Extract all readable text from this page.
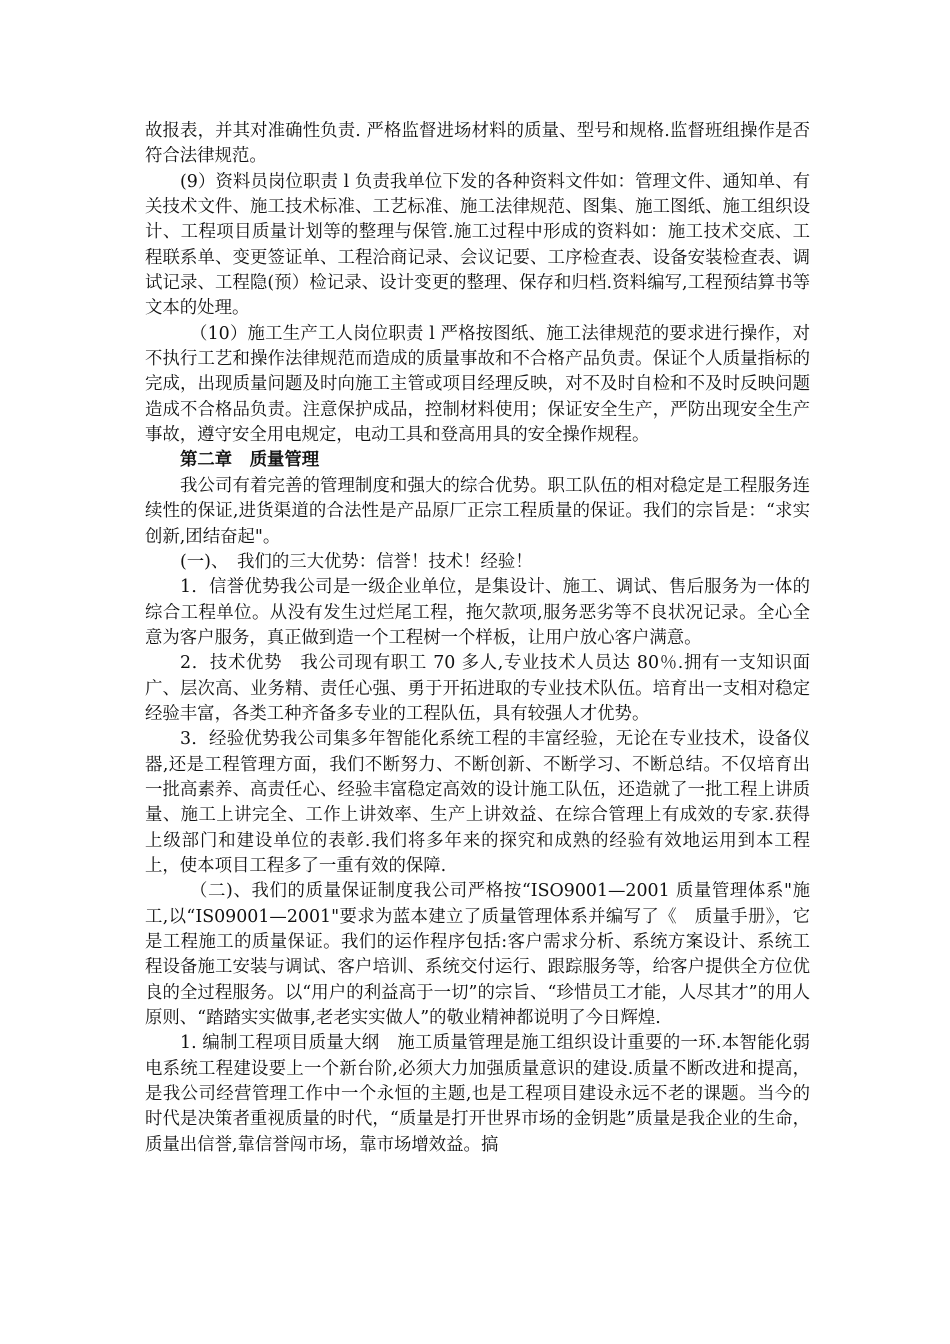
故报表，并其对准确性负责. 严格监督进场材料的质量、型号和规格.监督班组操作是否符合法律规范。

(9）资料员岗位职责 l 负责我单位下发的各种资料文件如：管理文件、通知单、有关技术文件、施工技术标准、工艺标准、施工法律规范、图集、施工图纸、施工组织设计、工程项目质量计划等的整理与保管.施工过程中形成的资料如：施工技术交底、工程联系单、变更签证单、工程洽商记录、会议记要、工序检查表、设备安装检查表、调试记录、工程隐(预）检记录、设计变更的整理、保存和归档.资料编写,工程预结算书等文本的处理。

（10）施工生产工人岗位职责 l 严格按图纸、施工法律规范的要求进行操作，对不执行工艺和操作法律规范而造成的质量事故和不合格产品负责。保证个人质量指标的完成，出现质量问题及时向施工主管或项目经理反映，对不及时自检和不及时反映问题造成不合格品负责。注意保护成品，控制材料使用；保证安全生产，严防出现安全生产事故，遵守安全用电规定，电动工具和登高用具的安全操作规程。

第二章　质量管理

我公司有着完善的管理制度和强大的综合优势。职工队伍的相对稳定是工程服务连续性的保证,进货渠道的合法性是产品原厂正宗工程质量的保证。我们的宗旨是：“求实创新,团结奋起"。

(一)、　我们的三大优势：信誉！技术！经验！

1．信誉优势我公司是一级企业单位，是集设计、施工、调试、售后服务为一体的综合工程单位。从没有发生过烂尾工程，拖欠款项,服务恶劣等不良状况记录。全心全意为客户服务，真正做到造一个工程树一个样板，让用户放心客户满意。

2．技术优势　我公司现有职工 70 多人,专业技术人员达 80％.拥有一支知识面广、层次高、业务精、责任心强、勇于开拓进取的专业技术队伍。培育出一支相对稳定经验丰富，各类工种齐备多专业的工程队伍，具有较强人才优势。

3．经验优势我公司集多年智能化系统工程的丰富经验，无论在专业技术，设备仪器,还是工程管理方面，我们不断努力、不断创新、不断学习、不断总结。不仅培育出一批高素养、高责任心、经验丰富稳定高效的设计施工队伍，还造就了一批工程上讲质量、施工上讲完全、工作上讲效率、生产上讲效益、在综合管理上有成效的专家.获得上级部门和建设单位的表彰.我们将多年来的探究和成熟的经验有效地运用到本工程上，使本项目工程多了一重有效的保障.

（二)、我们的质量保证制度我公司严格按“ISO9001—2001 质量管理体系"施工,以“IS09001—2001"要求为蓝本建立了质量管理体系并编写了《　质量手册》，它是工程施工的质量保证。我们的运作程序包括:客户需求分析、系统方案设计、系统工程设备施工安装与调试、客户培训、系统交付运行、跟踪服务等，给客户提供全方位优良的全过程服务。以“用户的利益高于一切”的宗旨、“珍惜员工才能，人尽其才”的用人原则、“踏踏实实做事,老老实实做人”的敬业精神都说明了今日辉煌.

1. 编制工程项目质量大纲　施工质量管理是施工组织设计重要的一环.本智能化弱电系统工程建设要上一个新台阶,必须大力加强质量意识的建设.质量不断改进和提高，是我公司经营管理工作中一个永恒的主题,也是工程项目建设永远不老的课题。当今的时代是决策者重视质量的时代，“质量是打开世界市场的金钥匙”质量是我企业的生命，质量出信誉,靠信誉闯市场，靠市场增效益。搞
